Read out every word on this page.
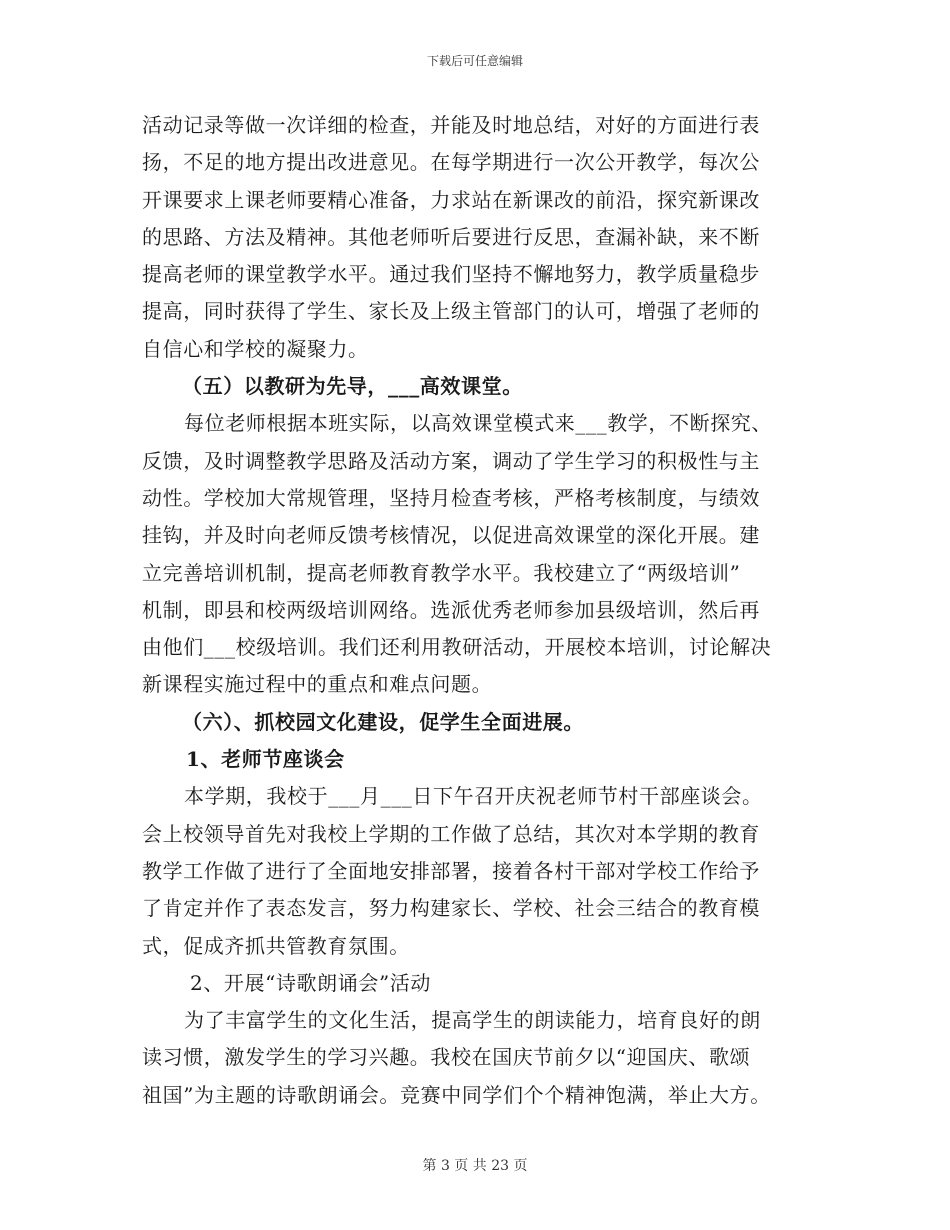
下载后可任意编辑
活动记录等做一次详细的检查，并能及时地总结，对好的方面进行表
扬，不足的地方提出改进意见。在每学期进行一次公开教学，每次公
开课要求上课老师要精心准备，力求站在新课改的前沿，探究新课改
的思路、方法及精神。其他老师听后要进行反思，查漏补缺，来不断
提高老师的课堂教学水平。通过我们坚持不懈地努力，教学质量稳步
提高，同时获得了学生、家长及上级主管部门的认可，增强了老师的
自信心和学校的凝聚力。
（五）以教研为先导，___高效课堂。
每位老师根据本班实际，以高效课堂模式来___教学，不断探究、
反馈，及时调整教学思路及活动方案，调动了学生学习的积极性与主
动性。学校加大常规管理，坚持月检查考核，严格考核制度，与绩效
挂钩，并及时向老师反馈考核情况，以促进高效课堂的深化开展。建
立完善培训机制，提高老师教育教学水平。我校建立了“两级培训”
机制，即县和校两级培训网络。选派优秀老师参加县级培训，然后再
由他们___校级培训。我们还利用教研活动，开展校本培训，讨论解决
新课程实施过程中的重点和难点问题。
（六）、抓校园文化建设，促学生全面进展。
1、老师节座谈会
本学期，我校于___月___日下午召开庆祝老师节村干部座谈会。
会上校领导首先对我校上学期的工作做了总结，其次对本学期的教育
教学工作做了进行了全面地安排部署，接着各村干部对学校工作给予
了肯定并作了表态发言，努力构建家长、学校、社会三结合的教育模
式，促成齐抓共管教育氛围。
2、开展“诗歌朗诵会”活动
为了丰富学生的文化生活，提高学生的朗读能力，培育良好的朗
读习惯，激发学生的学习兴趣。我校在国庆节前夕以“迎国庆、歌颂
祖国”为主题的诗歌朗诵会。竞赛中同学们个个精神饱满，举止大方。
第 3 页 共 23 页
